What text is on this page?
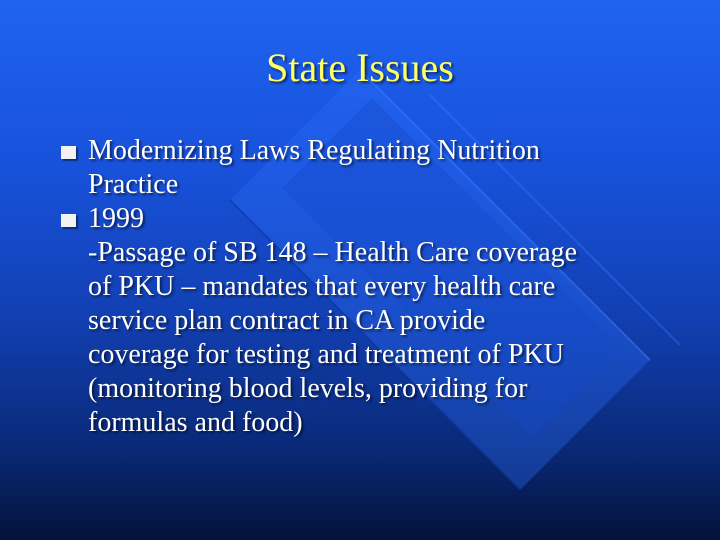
State Issues
Modernizing Laws Regulating Nutrition
Practice
1999
-Passage of SB 148 – Health Care coverage
of PKU – mandates that every health care
service plan contract in CA provide
coverage for testing and treatment of PKU
(monitoring blood levels, providing for
formulas and food)
